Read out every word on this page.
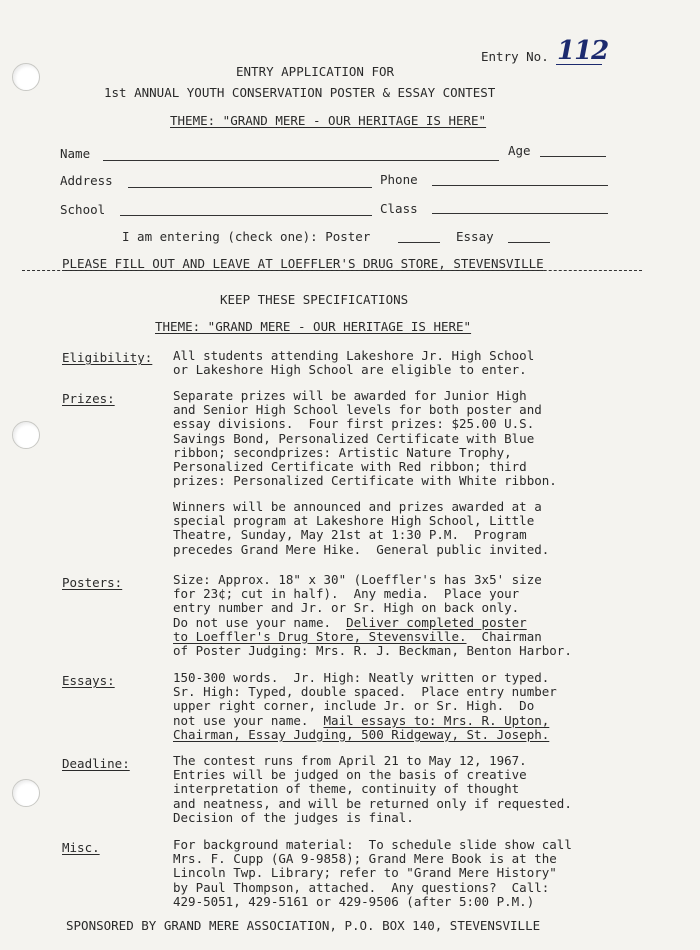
Entry No. 112
ENTRY APPLICATION FOR
1st ANNUAL YOUTH CONSERVATION POSTER & ESSAY CONTEST
THEME: "GRAND MERE - OUR HERITAGE IS HERE"
Name	Age
Address	Phone
School	Class
I am entering (check one): Poster	Essay
PLEASE FILL OUT AND LEAVE AT LOEFFLER'S DRUG STORE, STEVENSVILLE
KEEP THESE SPECIFICATIONS
THEME: "GRAND MERE - OUR HERITAGE IS HERE"
Eligibility: All students attending Lakeshore Jr. High School
or Lakeshore High School are eligible to enter.
Prizes:	Separate prizes will be awarded for Junior High
and Senior High School levels for both poster and
essay divisions.  Four first prizes: $25.00 U.S.
Savings Bond, Personalized Certificate with Blue
ribbon; secondprizes: Artistic Nature Trophy,
Personalized Certificate with Red ribbon; third
prizes: Personalized Certificate with White ribbon.
Winners will be announced and prizes awarded at a
special program at Lakeshore High School, Little
Theatre, Sunday, May 21st at 1:30 P.M.  Program
precedes Grand Mere Hike.  General public invited.
Posters:	Size: Approx. 18" x 30" (Loeffler's has 3x5' size
for 23¢; cut in half).  Any media.  Place your
entry number and Jr. or Sr. High on back only.
Do not use your name.  Deliver completed poster
to Loeffler's Drug Store, Stevensville.  Chairman
of Poster Judging: Mrs. R. J. Beckman, Benton Harbor.
Essays:	150-300 words.  Jr. High: Neatly written or typed.
Sr. High: Typed, double spaced.  Place entry number
upper right corner, include Jr. or Sr. High.  Do
not use your name.  Mail essays to: Mrs. R. Upton,
Chairman, Essay Judging, 500 Ridgeway, St. Joseph.
Deadline:	The contest runs from April 21 to May 12, 1967.
Entries will be judged on the basis of creative
interpretation of theme, continuity of thought
and neatness, and will be returned only if requested.
Decision of the judges is final.
Misc.	For background material:  To schedule slide show call
Mrs. F. Cupp (GA 9-9858); Grand Mere Book is at the
Lincoln Twp. Library; refer to "Grand Mere History"
by Paul Thompson, attached.  Any questions?  Call:
429-5051, 429-5161 or 429-9506 (after 5:00 P.M.)
SPONSORED BY GRAND MERE ASSOCIATION, P.O. BOX 140, STEVENSVILLE
